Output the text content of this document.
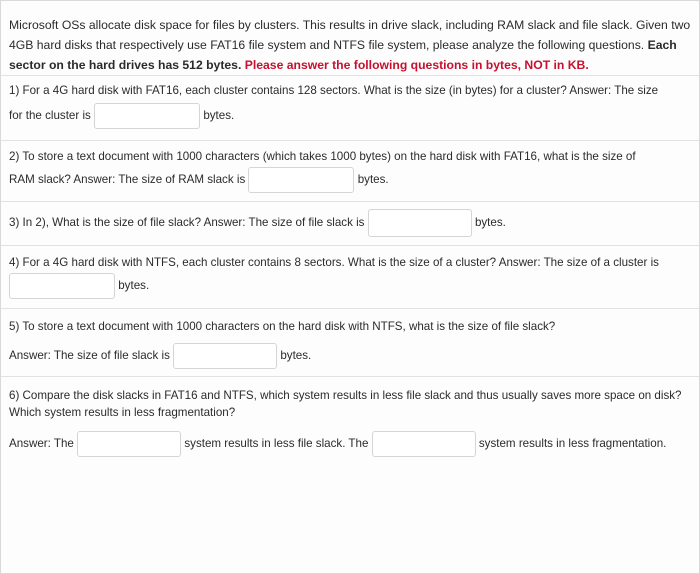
Microsoft OSs allocate disk space for files by clusters. This results in drive slack, including RAM slack and file slack. Given two 4GB hard disks that respectively use FAT16 file system and NTFS file system, please analyze the following questions. Each sector on the hard drives has 512 bytes. Please answer the following questions in bytes, NOT in KB.
1) For a 4G hard disk with FAT16, each cluster contains 128 sectors. What is the size (in bytes) for a cluster? Answer: The size
for the cluster is	bytes.
2) To store a text document with 1000 characters (which takes 1000 bytes) on the hard disk with FAT16, what is the size of
RAM slack? Answer: The size of RAM slack is	bytes.
3) In 2), What is the size of file slack? Answer: The size of file slack is	bytes.
4) For a 4G hard disk with NTFS, each cluster contains 8 sectors. What is the size of a cluster? Answer: The size of a cluster is
bytes.
5) To store a text document with 1000 characters on the hard disk with NTFS, what is the size of file slack?
Answer: The size of file slack is	bytes.
6) Compare the disk slacks in FAT16 and NTFS, which system results in less file slack and thus usually saves more space on disk?
Which system results in less fragmentation?
Answer: The	system results in less file slack. The	system results in less fragmentation.
